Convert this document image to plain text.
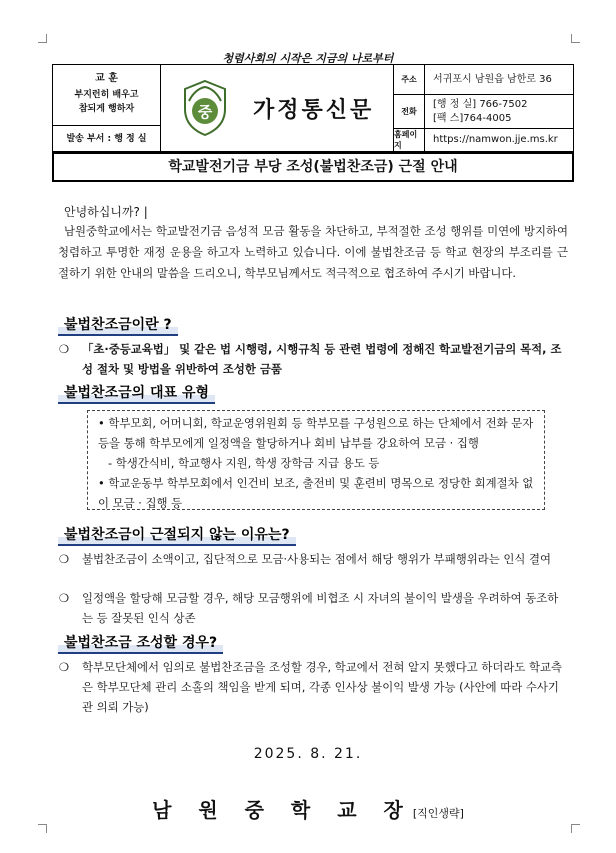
청렴사회의 시작은 지금의 나로부터
교 훈
부지런히 배우고
참되게 행하자
발송 부서 : 행 정 실
중 가정통신문
주소	서귀포시 남원읍 남한로 36
전화
[행 정 실] 766-7502
[팩 스]764-4005
홈페이지
https://namwon.jje.ms.kr
학교발전기금 부당 조성(불법찬조금) 근절 안내
안녕하십니까? |
남원중학교에서는 학교발전기금 음성적 모금 활동을 차단하고, 부적절한 조성 행위를 미연에 방지하여 청렴하고 투명한 재정 운용을 하고자 노력하고 있습니다. 이에 불법찬조금 등 학교 현장의 부조리를 근절하기 위한 안내의 말씀을 드리오니, 학부모님께서도 적극적으로 협조하여 주시기 바랍니다.
불법찬조금이란 ?
❍ 「초·중등교육법」 및 같은 법 시행령, 시행규칙 등 관련 법령에 정해진 학교발전기금의 목적, 조성 절차 및 방법을 위반하여 조성한 금품
불법찬조금의 대표 유형
• 학부모회, 어머니회, 학교운영위원회 등 학부모를 구성원으로 하는 단체에서 전화 문자 등을 통해 학부모에게 일정액을 할당하거나 회비 납부를 강요하여 모금 · 집행
- 학생간식비, 학교행사 지원, 학생 장학금 지급 용도 등
• 학교운동부 학부모회에서 인건비 보조, 출전비 및 훈련비 명목으로 정당한 회계절차 없이 모금 · 집행 등
불법찬조금이 근절되지 않는 이유는?
❍ 불법찬조금이 소액이고, 집단적으로 모금·사용되는 점에서 해당 행위가 부패행위라는 인식 결여
❍ 일정액을 할당해 모금할 경우, 해당 모금행위에 비협조 시 자녀의 불이익 발생을 우려하여 동조하는 등 잘못된 인식 상존
불법찬조금 조성할 경우?
❍ 학부모단체에서 임의로 불법찬조금을 조성할 경우, 학교에서 전혀 알지 못했다고 하더라도 학교측은 학부모단체 관리 소홀의 책임을 받게 되며, 각종 인사상 불이익 발생 가능 (사안에 따라 수사기관 의뢰 가능)
2025. 8. 21.
남 원 중 학 교 장[직인생략]
